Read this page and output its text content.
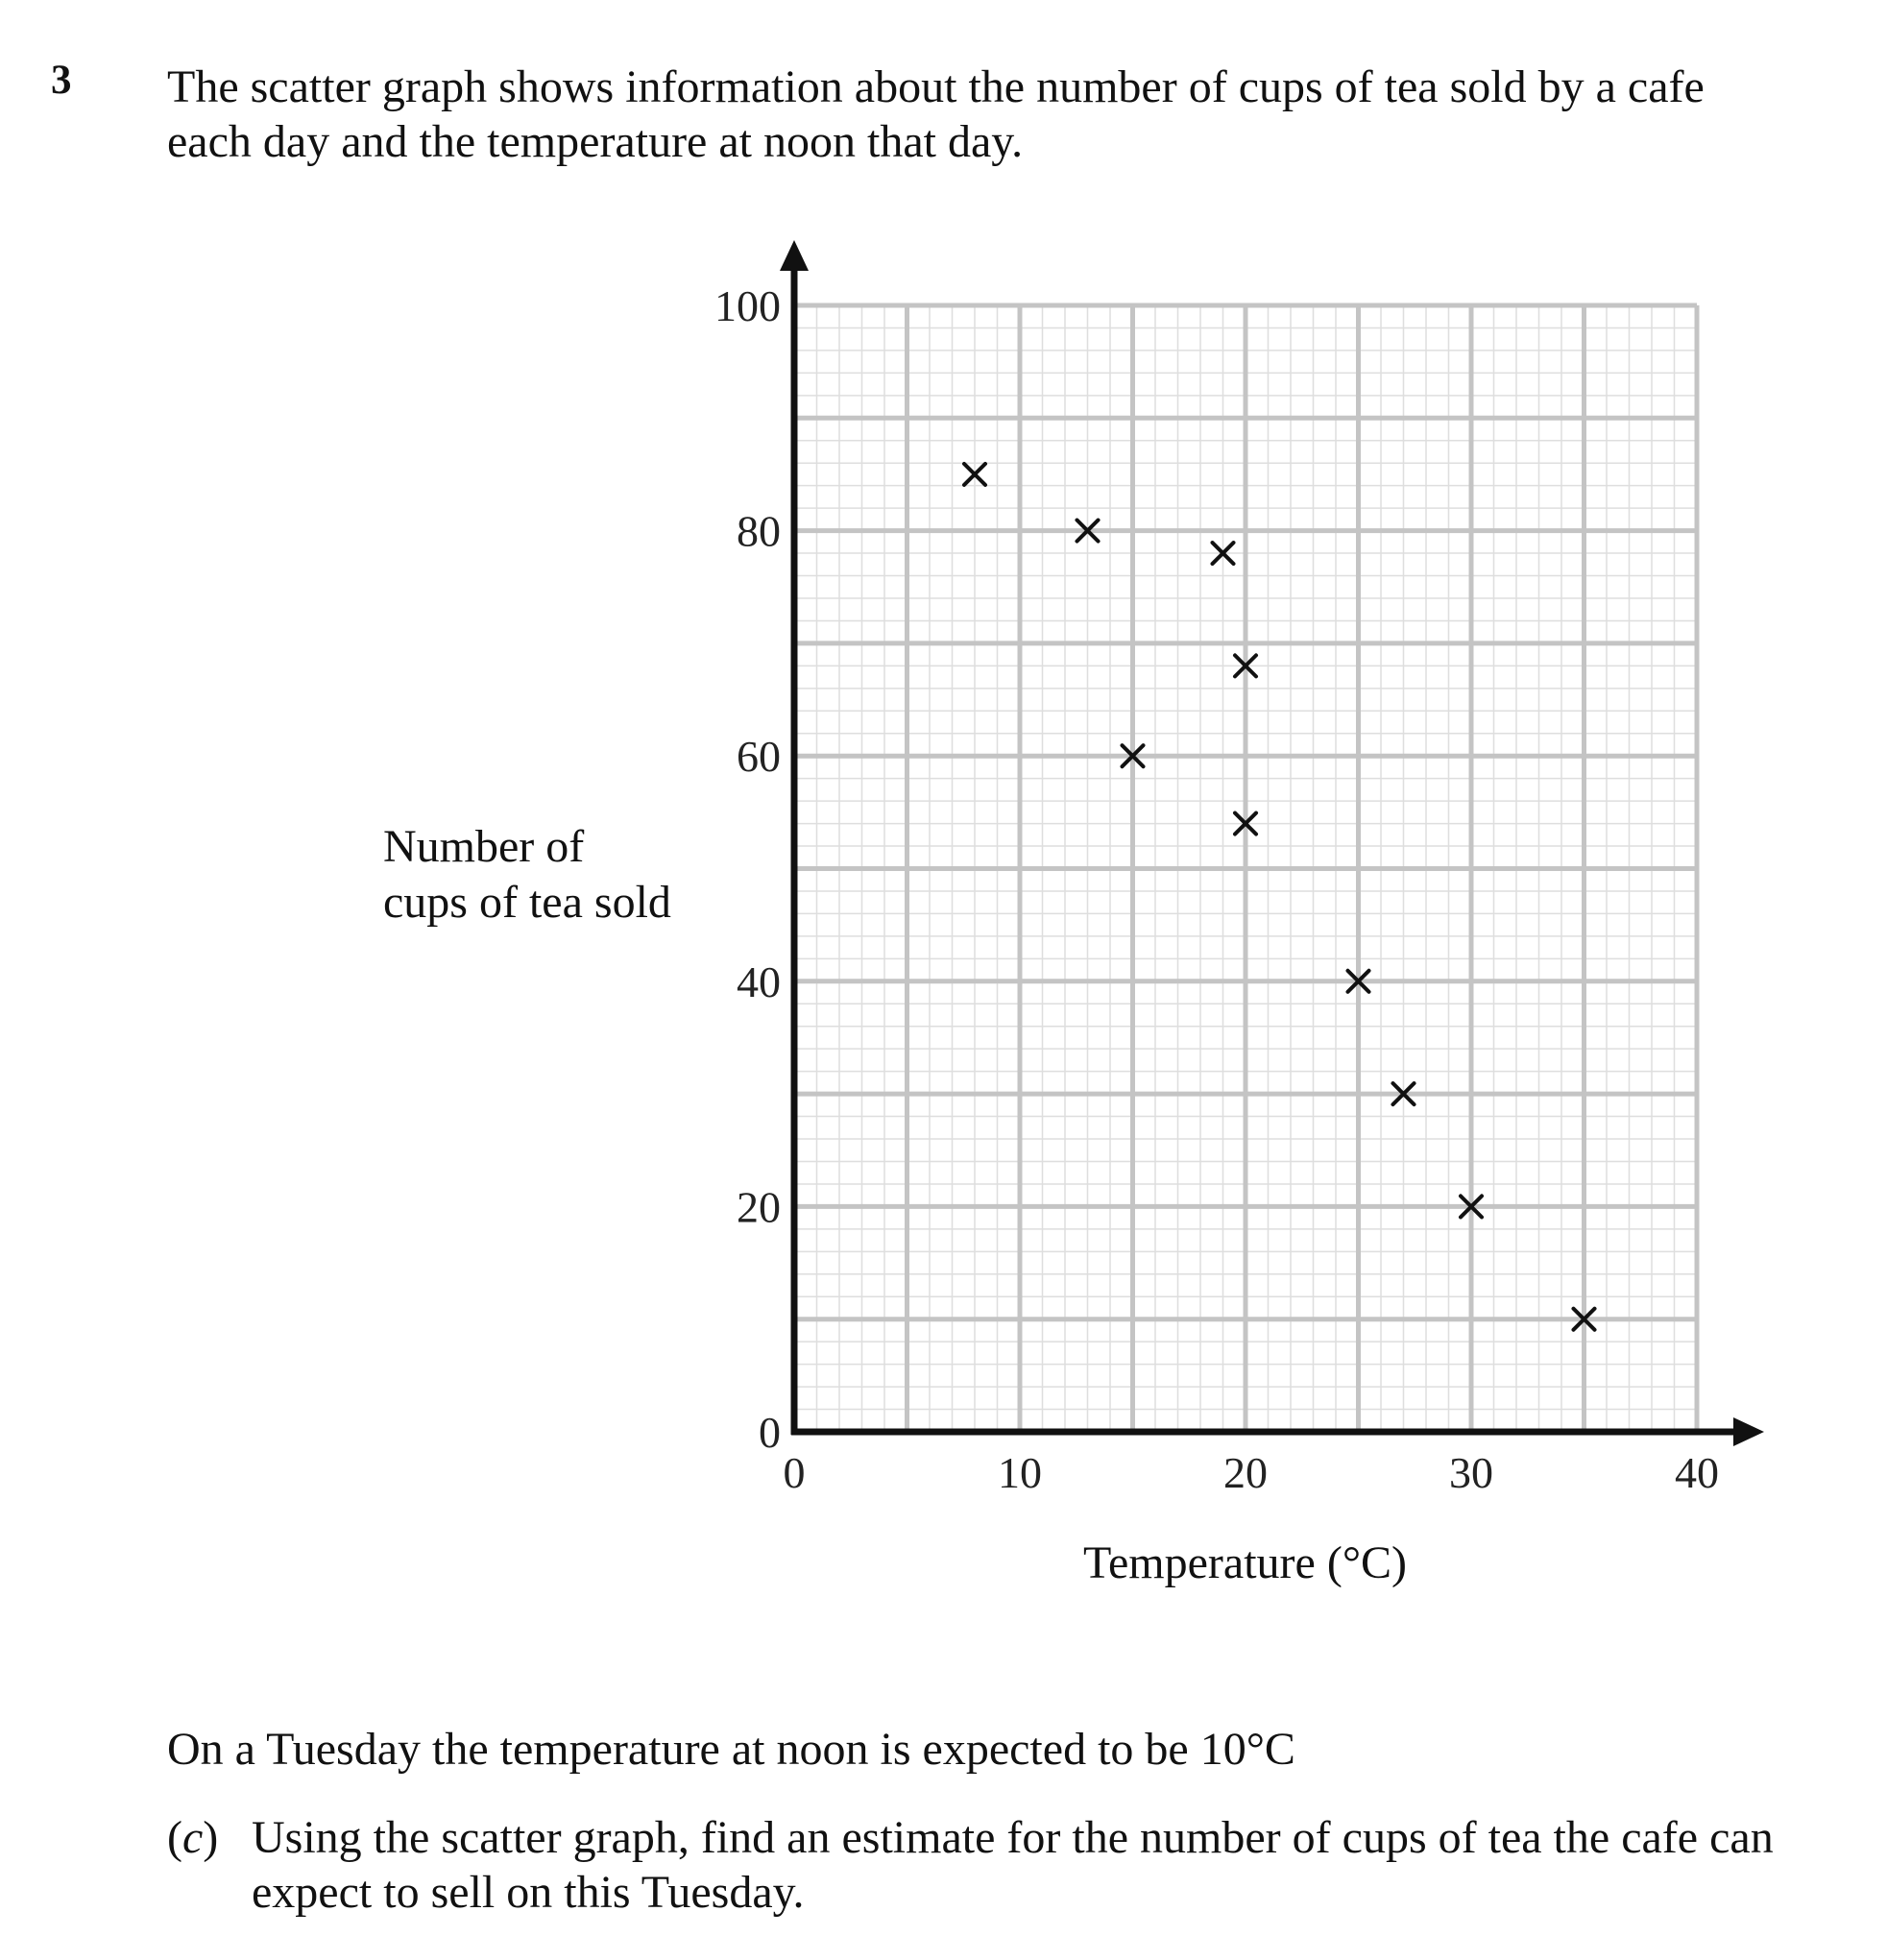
3 The scatter graph shows information about the number of cups of tea sold by a cafe
each day and the temperature at noon that day.
0	10	20	30	40
0
20
40
60
80
100
Number of
cups of tea sold
Temperature (°C)
On a Tuesday the temperature at noon is expected to be 10°C
(c) Using the scatter graph, find an estimate for the number of cups of tea the cafe can
expect to sell on this Tuesday.
